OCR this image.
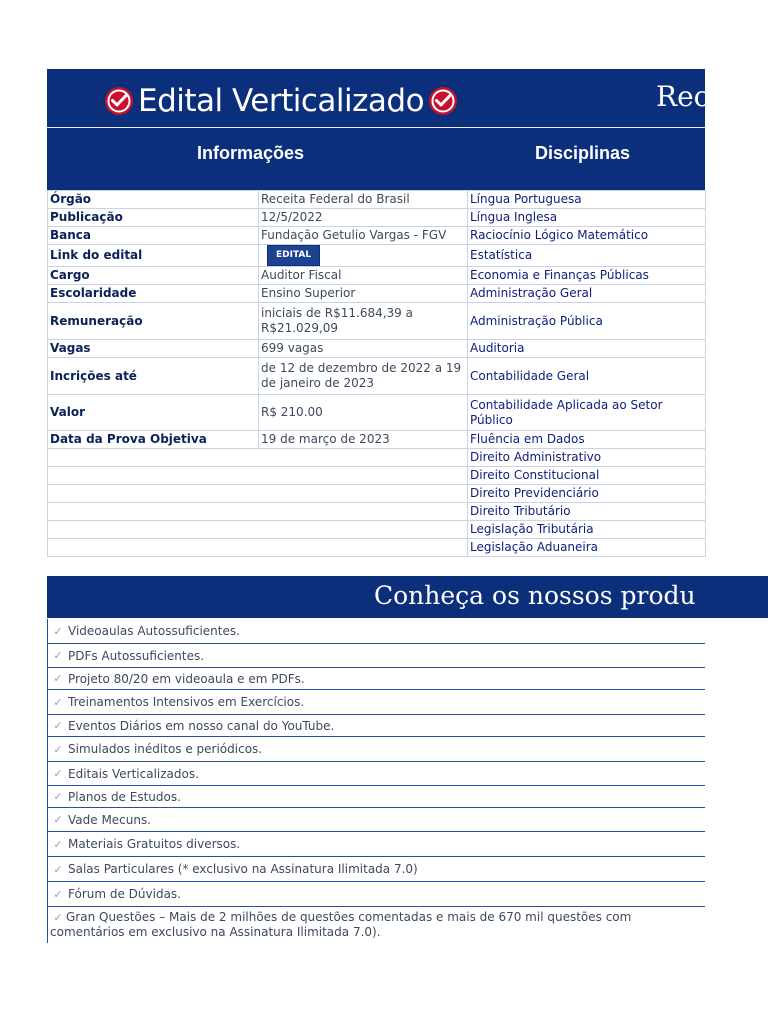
Edital Verticalizado	Rec
Informações	Disciplinas
Órgão	Receita Federal do Brasil	Língua Portuguesa
Publicação	12/5/2022	Língua Inglesa
Banca	Fundação Getulio Vargas - FGV	Raciocínio Lógico Matemático
Link do edital	EDITAL	Estatística
Cargo	Auditor Fiscal	Economia e Finanças Públicas
Escolaridade	Ensino Superior	Administração Geral
Remuneração	iniciais de R$11.684,39 a R$21.029,09	Administração Pública
Vagas	699 vagas	Auditoria
Incrições até	de 12 de dezembro de 2022 a 19 de janeiro de 2023	Contabilidade Geral
Valor	R$ 210.00	Contabilidade Aplicada ao Setor Público
Data da Prova Objetiva	19 de março de 2023	Fluência em Dados
		Direito Administrativo
		Direito Constitucional
		Direito Previdenciário
		Direito Tributário
		Legislação Tributária
		Legislação Aduaneira
Conheça os nossos produ
✓ Videoaulas Autossuficientes.
✓ PDFs Autossuficientes.
✓ Projeto 80/20 em videoaula e em PDFs.
✓ Treinamentos Intensivos em Exercícios.
✓ Eventos Diários em nosso canal do YouTube.
✓ Simulados inéditos e periódicos.
✓ Editais Verticalizados.
✓ Planos de Estudos.
✓ Vade Mecuns.
✓ Materiais Gratuitos diversos.
✓ Salas Particulares (* exclusivo na Assinatura Ilimitada 7.0)
✓ Fórum de Dúvidas.
✓ Gran Questões – Mais de 2 milhões de questões comentadas e mais de 670 mil questões com comentários em exclusivo na Assinatura Ilimitada 7.0).
